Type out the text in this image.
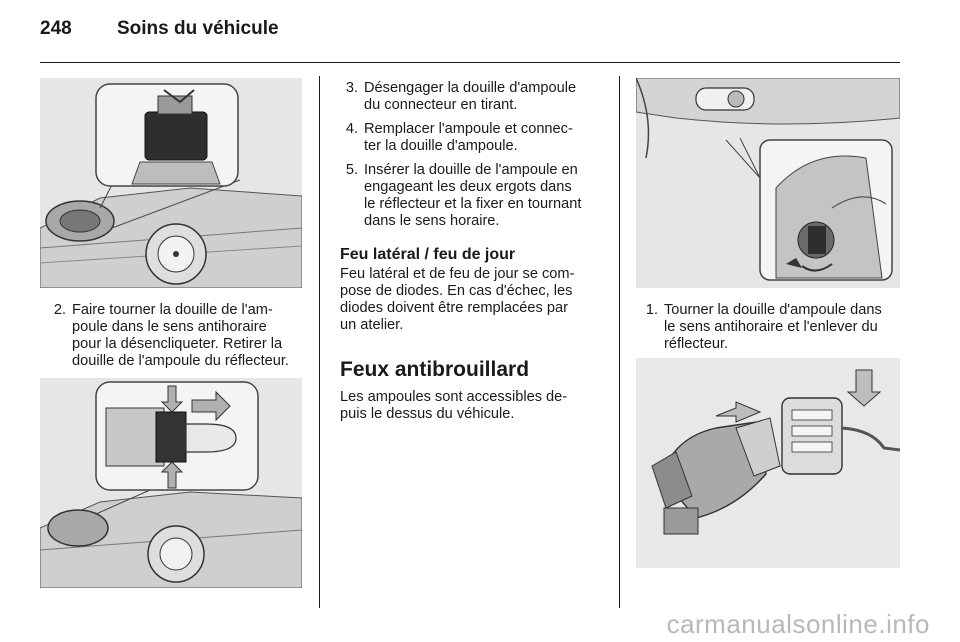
248 Soins du véhicule
2. Faire tourner la douille de l'am-
poule dans le sens antihoraire
pour la désencliqueter. Retirer la
douille de l'ampoule du réflecteur.
3. Désengager la douille d'ampoule
du connecteur en tirant.
4. Remplacer l'ampoule et connec-
ter la douille d'ampoule.
5. Insérer la douille de l'ampoule en
engageant les deux ergots dans
le réflecteur et la fixer en tournant
dans le sens horaire.
Feu latéral / feu de jour

Feu latéral et de feu de jour se com-
pose de diodes. En cas d'échec, les
diodes doivent être remplacées par
un atelier.

Feux antibrouillard

Les ampoules sont accessibles de-
puis le dessus du véhicule.

1. Tourner la douille d'ampoule dans
le sens antihoraire et l'enlever du
réflecteur.
carmanualsonline.info
